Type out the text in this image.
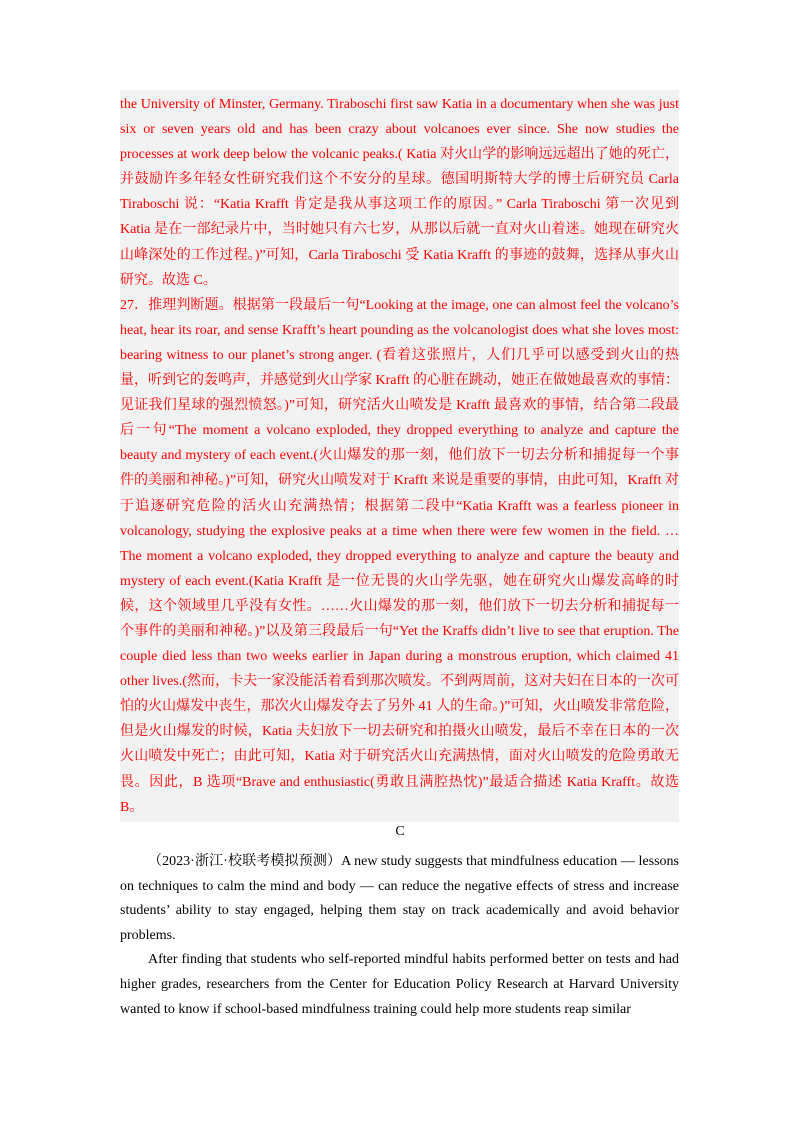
the University of Minster, Germany. Tiraboschi first saw Katia in a documentary when she was just six or seven years old and has been crazy about volcanoes ever since. She now studies the processes at work deep below the volcanic peaks.( Katia 对火山学的影响远远超出了她的死亡，并鼓励许多年轻女性研究我们这个不安分的星球。德国明斯特大学的博士后研究员 Carla Tiraboschi 说：“Katia Krafft 肯定是我从事这项工作的原因。” Carla Tiraboschi 第一次见到 Katia 是在一部纪录片中，当时她只有六七岁，从那以后就一直对火山着迷。她现在研究火山峰深处的工作过程。)”可知，Carla Tiraboschi 受 Katia Krafft 的事迹的鼓舞，选择从事火山研究。故选 C。

27．推理判断题。根据第一段最后一句“Looking at the image, one can almost feel the volcano’s heat, hear its roar, and sense Krafft’s heart pounding as the volcanologist does what she loves most: bearing witness to our planet’s strong anger. (看着这张照片，人们几乎可以感受到火山的热量，听到它的轰鸣声，并感觉到火山学家 Krafft 的心脏在跳动，她正在做她最喜欢的事情：见证我们星球的强烈愤怒。)”可知，研究活火山喷发是 Krafft 最喜欢的事情，结合第二段最后一句“The moment a volcano exploded, they dropped everything to analyze and capture the beauty and mystery of each event.(火山爆发的那一刻，他们放下一切去分析和捕捉每一个事件的美丽和神秘。)”可知，研究火山喷发对于 Krafft 来说是重要的事情，由此可知，Krafft 对于追逐研究危险的活火山充满热情；根据第二段中“Katia Krafft was a fearless pioneer in volcanology, studying the explosive peaks at a time when there were few women in the field. …The moment a volcano exploded, they dropped everything to analyze and capture the beauty and mystery of each event.(Katia Krafft 是一位无畏的火山学先驱，她在研究火山爆发高峰的时候，这个领域里几乎没有女性。……火山爆发的那一刻，他们放下一切去分析和捕捉每一个事件的美丽和神秘。)”以及第三段最后一句“Yet the Kraffs didn’t live to see that eruption. The couple died less than two weeks earlier in Japan during a monstrous eruption, which claimed 41 other lives.(然而，卡夫一家没能活着看到那次喷发。不到两周前，这对夫妇在日本的一次可怕的火山爆发中丧生，那次火山爆发夺去了另外 41 人的生命。)”可知，火山喷发非常危险，但是火山爆发的时候，Katia 夫妇放下一切去研究和拍摄火山喷发，最后不幸在日本的一次火山喷发中死亡；由此可知，Katia 对于研究活火山充满热情，面对火山喷发的危险勇敢无畏。因此，B 选项“Brave and enthusiastic(勇敢且满腔热忱)”最适合描述 Katia Krafft。故选 B。

C

（2023·浙江·校联考模拟预测）A new study suggests that mindfulness education — lessons on techniques to calm the mind and body — can reduce the negative effects of stress and increase students’ ability to stay engaged, helping them stay on track academically and avoid behavior problems.

After finding that students who self-reported mindful habits performed better on tests and had higher grades, researchers from the Center for Education Policy Research at Harvard University wanted to know if school-based mindfulness training could help more students reap similar
